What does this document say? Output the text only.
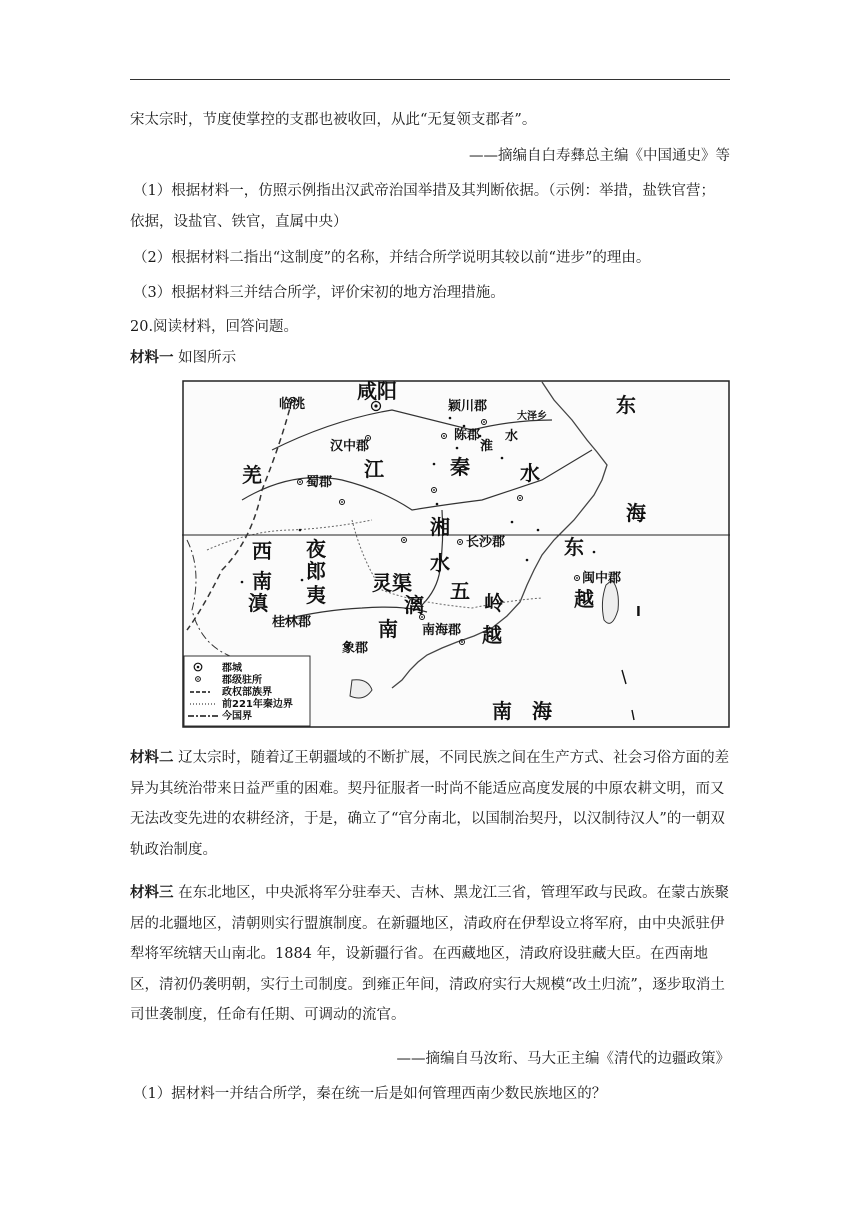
宋太宗时，节度使掌控的支郡也被收回，从此“无复领支郡者”。
——摘编自白寿彝总主编《中国通史》等
（1）根据材料一，仿照示例指出汉武帝治国举措及其判断依据。（示例：举措，盐铁官营；
依据，设盐官、铁官，直属中央）
（2）根据材料二指出“这制度”的名称，并结合所学说明其较以前“进步”的理由。
（3）根据材料三并结合所学，评价宋初的地方治理措施。
20.阅读材料，回答问题。
材料一 如图所示
咸阳
临洮	颖川郡
大泽乡
陈郡
淮
水
汉中郡
羌	蜀郡
江	秦	水
东
海
湘
长沙郡
西
南
滇
夜
郎
夷 灵渠
水
漓
五 岭
东
越
闽中郡
桂林郡	南 南海郡
象郡
越
南　海
I
郡城
郡级驻所
政权部族界
前221年秦边界
今国界
材料二 辽太宗时，随着辽王朝疆域的不断扩展，不同民族之间在生产方式、社会习俗方面的差异为其统治带来日益严重的困难。契丹征服者一时尚不能适应高度发展的中原农耕文明，而又无法改变先进的农耕经济，于是，确立了“官分南北，以国制治契丹，以汉制待汉人”的一朝双轨政治制度。
材料三 在东北地区，中央派将军分驻奉天、吉林、黑龙江三省，管理军政与民政。在蒙古族聚居的北疆地区，清朝则实行盟旗制度。在新疆地区，清政府在伊犁设立将军府，由中央派驻伊犁将军统辖天山南北。1884 年，设新疆行省。在西藏地区，清政府设驻藏大臣。在西南地区，清初仍袭明朝，实行土司制度。到雍正年间，清政府实行大规模“改土归流”，逐步取消土司世袭制度，任命有任期、可调动的流官。
——摘编自马汝珩、马大正主编《清代的边疆政策》
（1）据材料一并结合所学，秦在统一后是如何管理西南少数民族地区的？
